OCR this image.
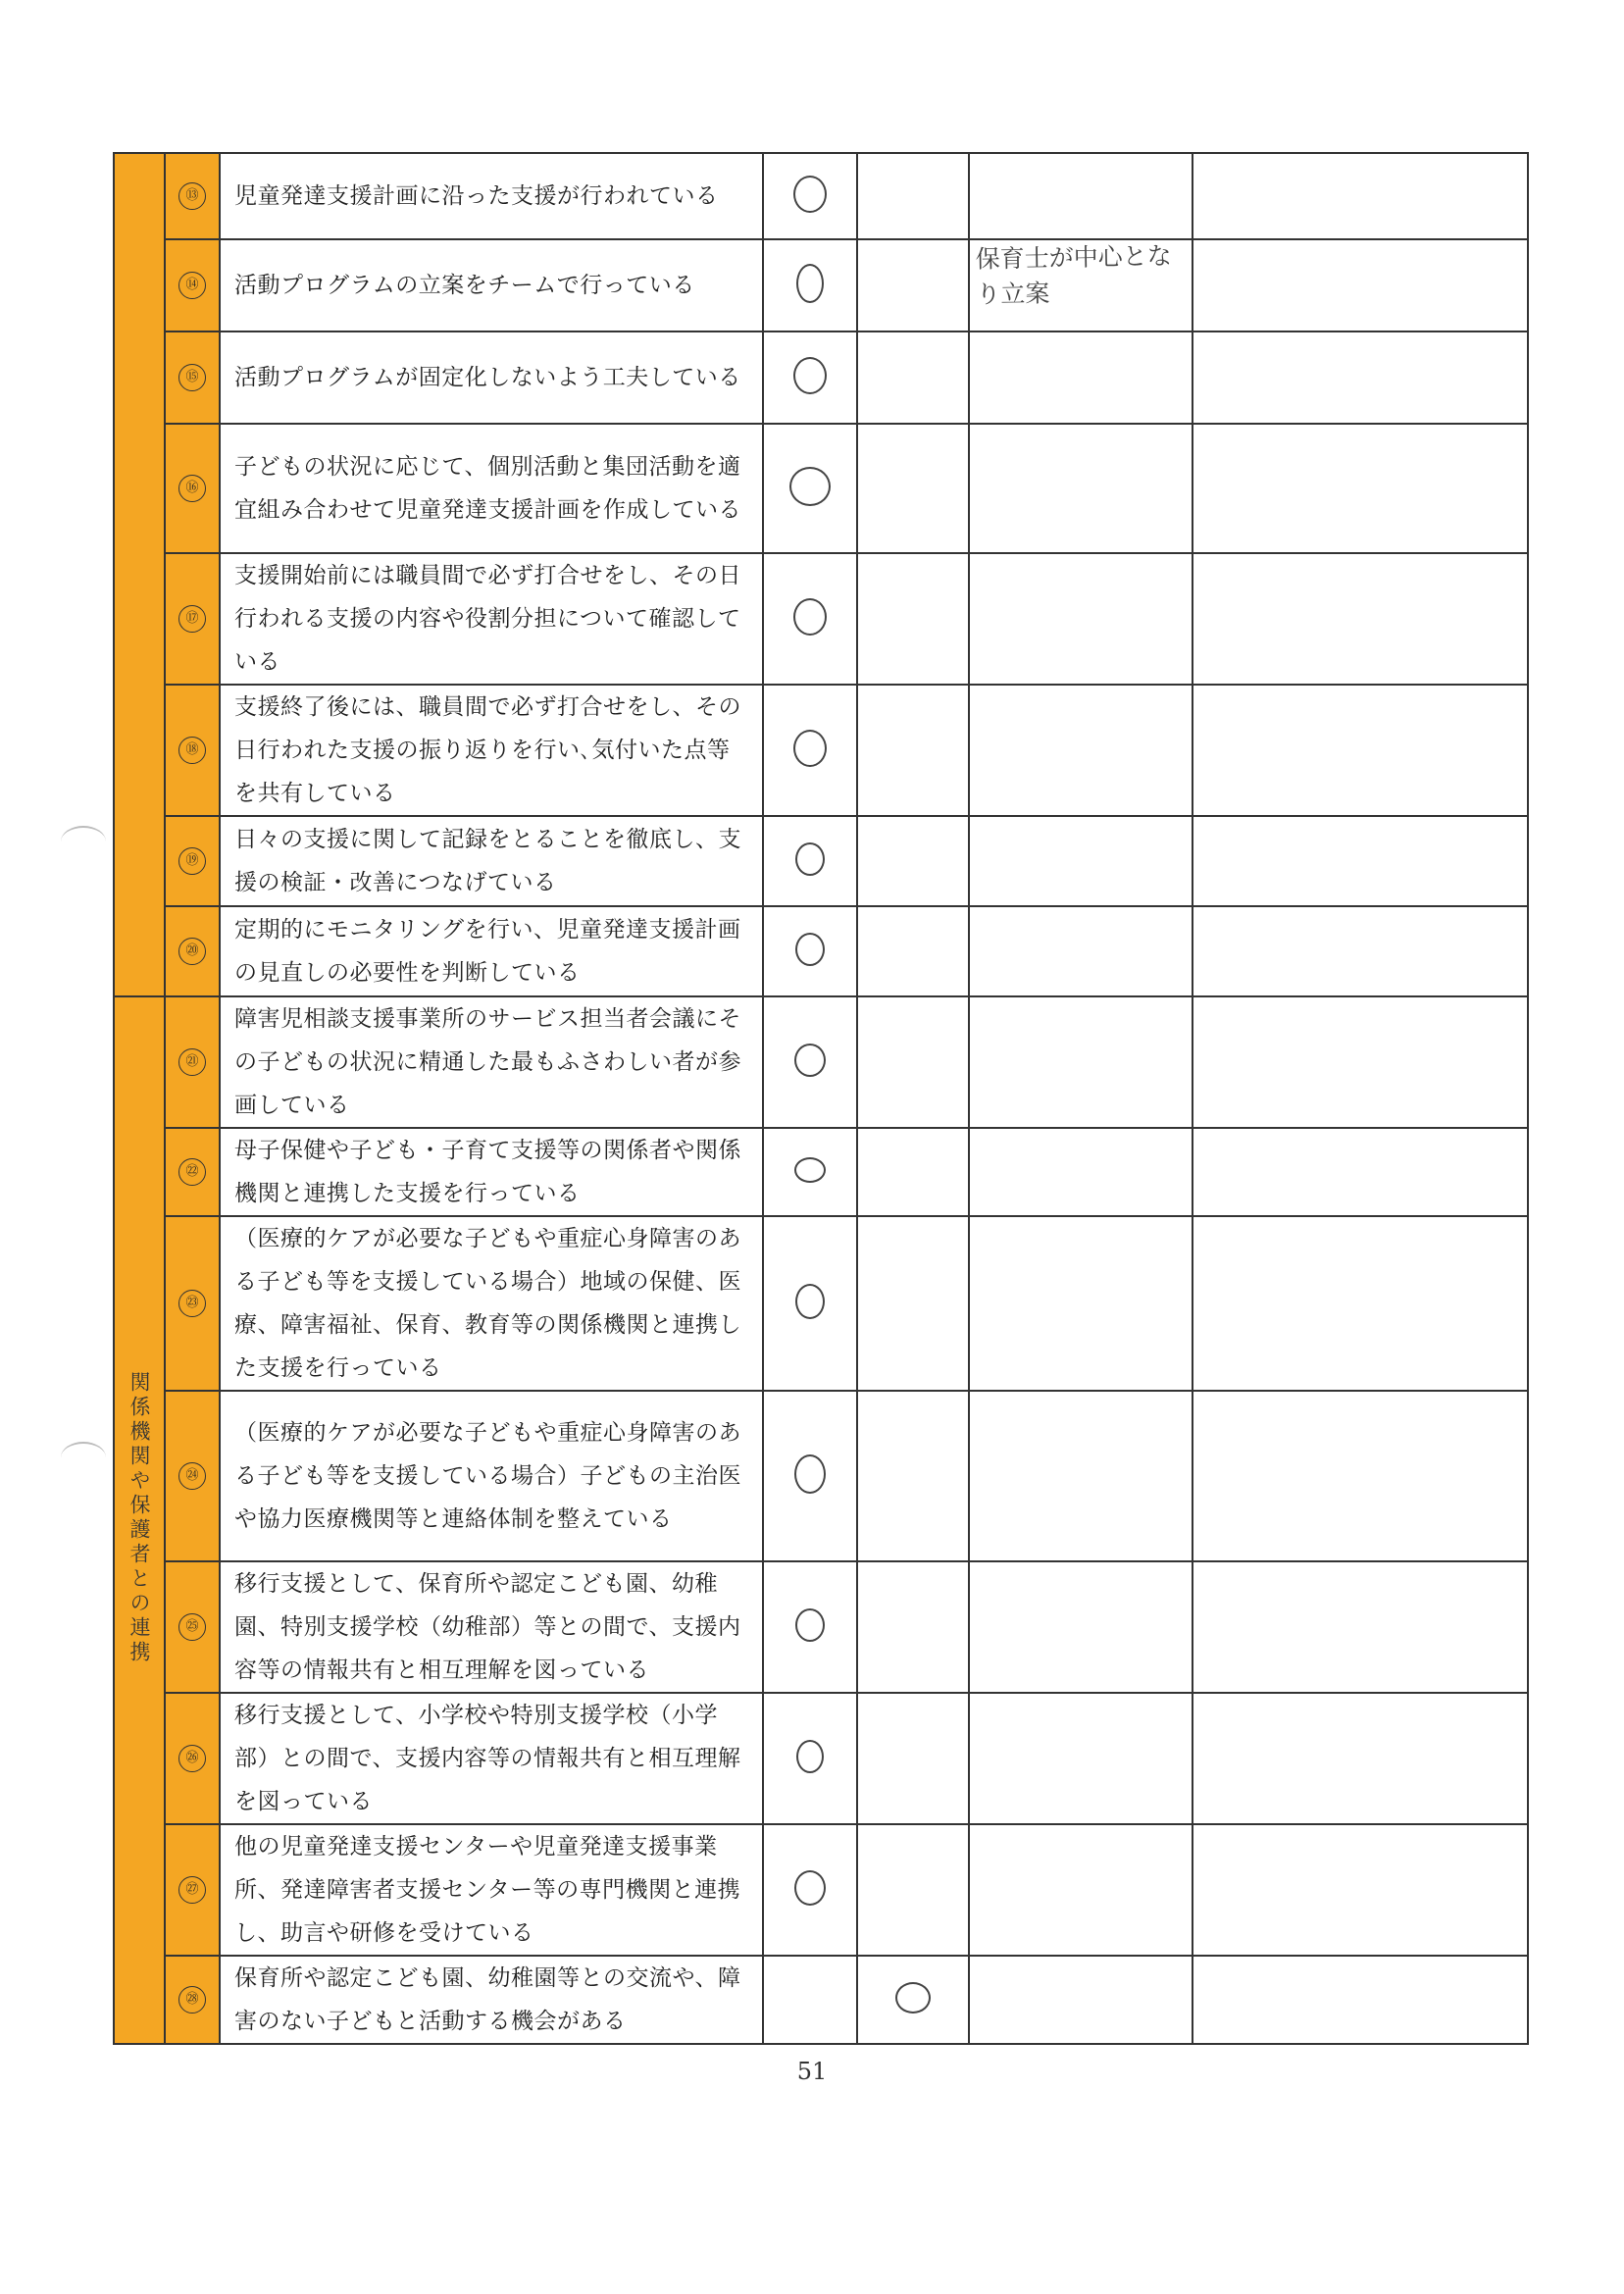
	⑬	児童発達支援計画に沿った支援が行われている				
	⑭	活動プログラムの立案をチームで行っている			保育士が中心となり立案	

	⑮	活動プログラムが固定化しないよう工夫している				
	⑯	子どもの状況に応じて、個別活動と集団活動を適宜組み合わせて児童発達支援計画を作成している				
	⑰	支援開始前には職員間で必ず打合せをし、その日行われる支援の内容や役割分担について確認している				
	⑱	支援終了後には、職員間で必ず打合せをし、その日行われた支援の振り返りを行い､気付いた点等を共有している				
	⑲	日々の支援に関して記録をとることを徹底し、支援の検証・改善につなげている				
	⑳	定期的にモニタリングを行い、児童発達支援計画の見直しの必要性を判断している				
関係機関や保護者との連携	㉑	障害児相談支援事業所のサービス担当者会議にその子どもの状況に精通した最もふさわしい者が参画している				
	㉒	母子保健や子ども・子育て支援等の関係者や関係機関と連携した支援を行っている				
	㉓	（医療的ケアが必要な子どもや重症心身障害のある子ども等を支援している場合）地域の保健、医療、障害福祉、保育、教育等の関係機関と連携した支援を行っている				
	㉔	（医療的ケアが必要な子どもや重症心身障害のある子ども等を支援している場合）子どもの主治医や協力医療機関等と連絡体制を整えている				
	㉕	移行支援として、保育所や認定こども園、幼稚園、特別支援学校（幼稚部）等との間で、支援内容等の情報共有と相互理解を図っている				
	㉖	移行支援として、小学校や特別支援学校（小学部）との間で、支援内容等の情報共有と相互理解を図っている				
	㉗	他の児童発達支援センターや児童発達支援事業所、発達障害者支援センター等の専門機関と連携し、助言や研修を受けている				
	㉘	保育所や認定こども園、幼稚園等との交流や、障害のない子どもと活動する機会がある				
51
